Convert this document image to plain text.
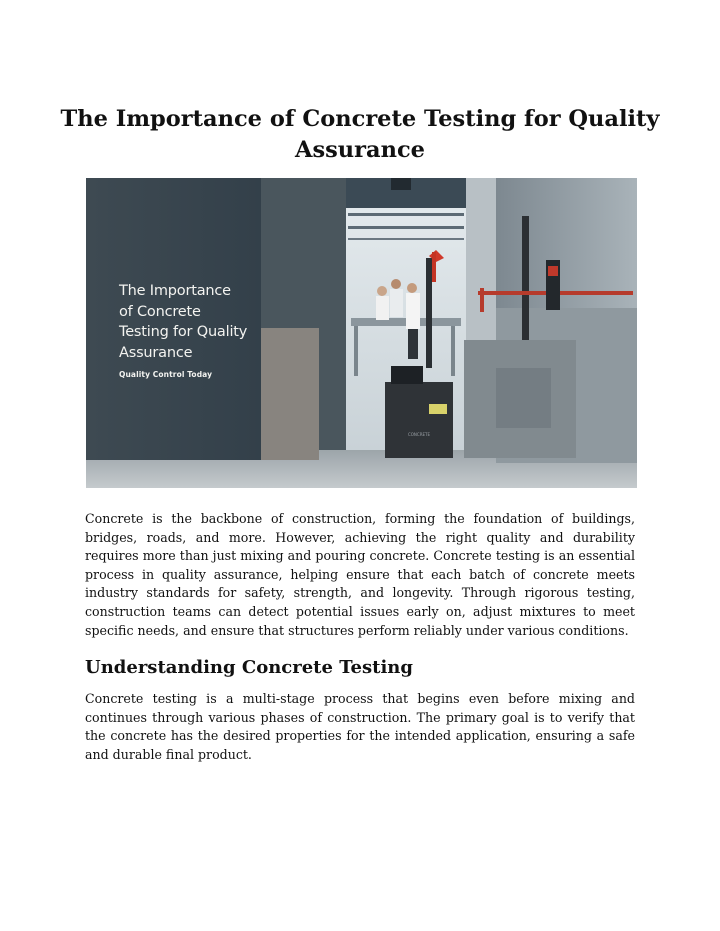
The Importance of Concrete Testing for Quality Assurance
CONCRETE

The Importance
of Concrete
Testing for Quality
Assurance

Quality Control Today

Concrete is the backbone of construction, forming the foundation of buildings, bridges, roads, and more. However, achieving the right quality and durability requires more than just mixing and pouring concrete. Concrete testing is an essential process in quality assurance, helping ensure that each batch of concrete meets industry standards for safety, strength, and longevity. Through rigorous testing, construction teams can detect potential issues early on, adjust mixtures to meet specific needs, and ensure that structures perform reliably under various conditions.

Understanding Concrete Testing

Concrete testing is a multi-stage process that begins even before mixing and continues through various phases of construction. The primary goal is to verify that the concrete has the desired properties for the intended application, ensuring a safe and durable final product.
